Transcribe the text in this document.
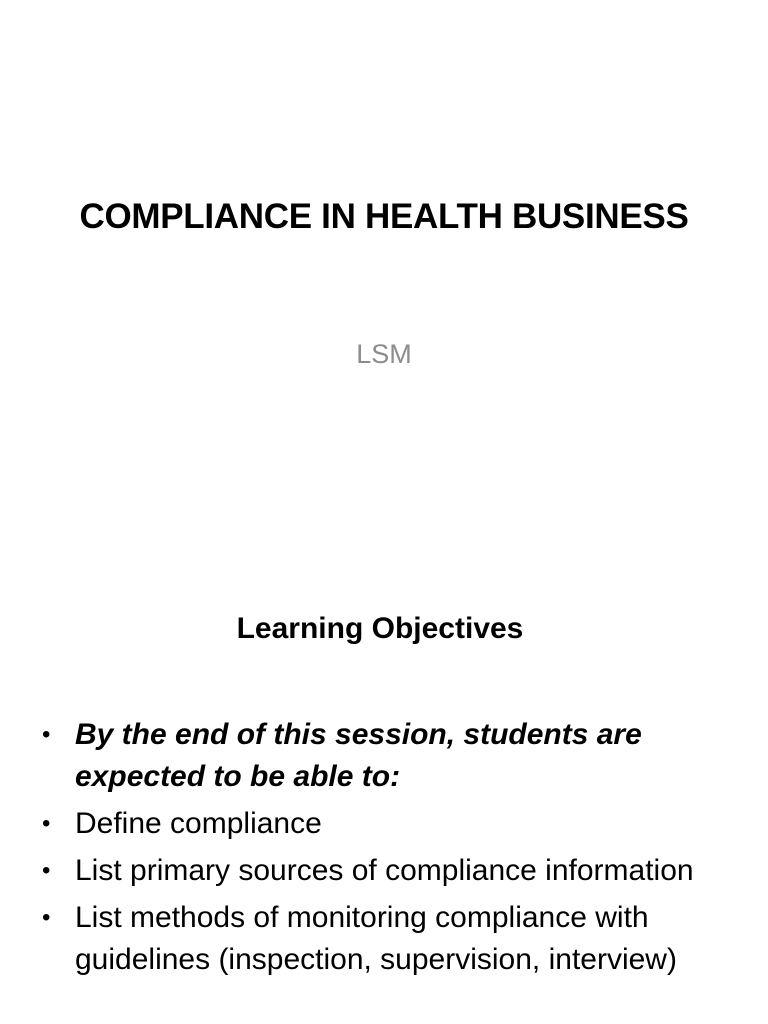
COMPLIANCE IN HEALTH BUSINESS
LSM
Learning Objectives
• By the end of this session, students are expected to be able to:
• Define compliance
• List primary sources of compliance information
• List methods of monitoring compliance with guidelines (inspection, supervision, interview)
